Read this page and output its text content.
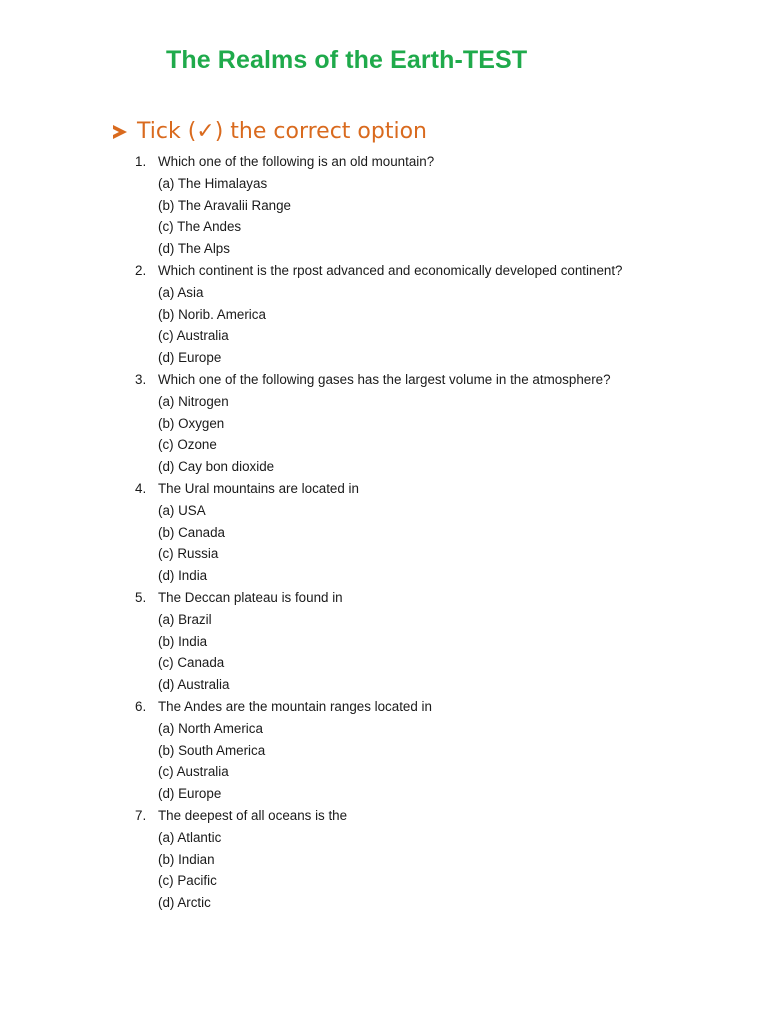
The Realms of the Earth-TEST
Tick (✓) the correct option
1. Which one of the following is an old mountain?
(a) The Himalayas
(b) The Aravalii Range
(c) The Andes
(d) The Alps
2. Which continent is the rpost advanced and economically developed continent?
(a) Asia
(b) Norib. America
(c) Australia
(d) Europe
3. Which one of the following gases has the largest volume in the atmosphere?
(a) Nitrogen
(b) Oxygen
(c) Ozone
(d) Cay bon dioxide
4. The Ural mountains are located in
(a) USA
(b) Canada
(c) Russia
(d) India
5. The Deccan plateau is found in
(a) Brazil
(b) India
(c) Canada
(d) Australia
6. The Andes are the mountain ranges located in
(a) North America
(b) South America
(c) Australia
(d) Europe
7. The deepest of all oceans is the
(a) Atlantic
(b) Indian
(c) Pacific
(d) Arctic
